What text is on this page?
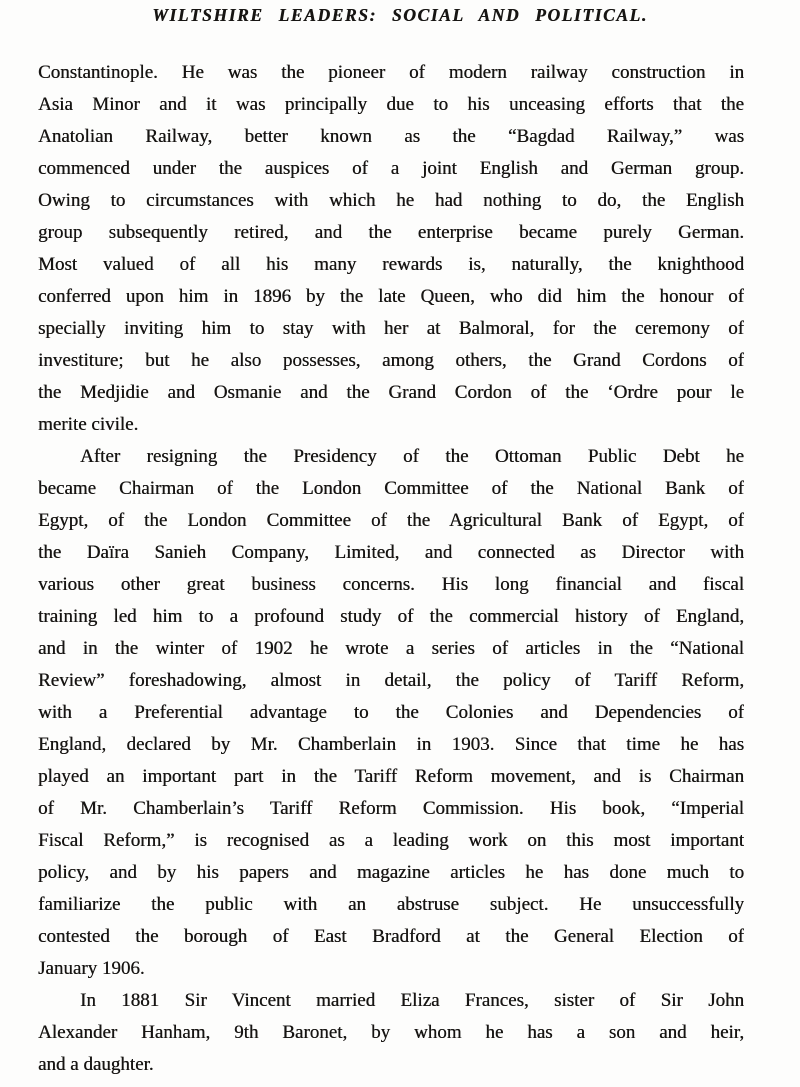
WILTSHIRE LEADERS: SOCIAL AND POLITICAL.

Constantinople. He was the pioneer of modern railway construction in
Asia Minor and it was principally due to his unceasing efforts that the
Anatolian Railway, better known as the “Bagdad Railway,” was
commenced under the auspices of a joint English and German group.
Owing to circumstances with which he had nothing to do, the English
group subsequently retired, and the enterprise became purely German.
Most valued of all his many rewards is, naturally, the knighthood
conferred upon him in 1896 by the late Queen, who did him the honour of
specially inviting him to stay with her at Balmoral, for the ceremony of
investiture; but he also possesses, among others, the Grand Cordons of
the Medjidie and Osmanie and the Grand Cordon of the ‘Ordre pour le
merite civile.

After resigning the Presidency of the Ottoman Public Debt he
became Chairman of the London Committee of the National Bank of
Egypt, of the London Committee of the Agricultural Bank of Egypt, of
the Daïra Sanieh Company, Limited, and connected as Director with
various other great business concerns. His long financial and fiscal
training led him to a profound study of the commercial history of England,
and in the winter of 1902 he wrote a series of articles in the “National
Review” foreshadowing, almost in detail, the policy of Tariff Reform,
with a Preferential advantage to the Colonies and Dependencies of
England, declared by Mr. Chamberlain in 1903. Since that time he has
played an important part in the Tariff Reform movement, and is Chairman
of Mr. Chamberlain’s Tariff Reform Commission. His book, “Imperial
Fiscal Reform,” is recognised as a leading work on this most important
policy, and by his papers and magazine articles he has done much to
familiarize the public with an abstruse subject. He unsuccessfully
contested the borough of East Bradford at the General Election of
January 1906.

In 1881 Sir Vincent married Eliza Frances, sister of Sir John
Alexander Hanham, 9th Baronet, by whom he has a son and heir,
and a daughter.
